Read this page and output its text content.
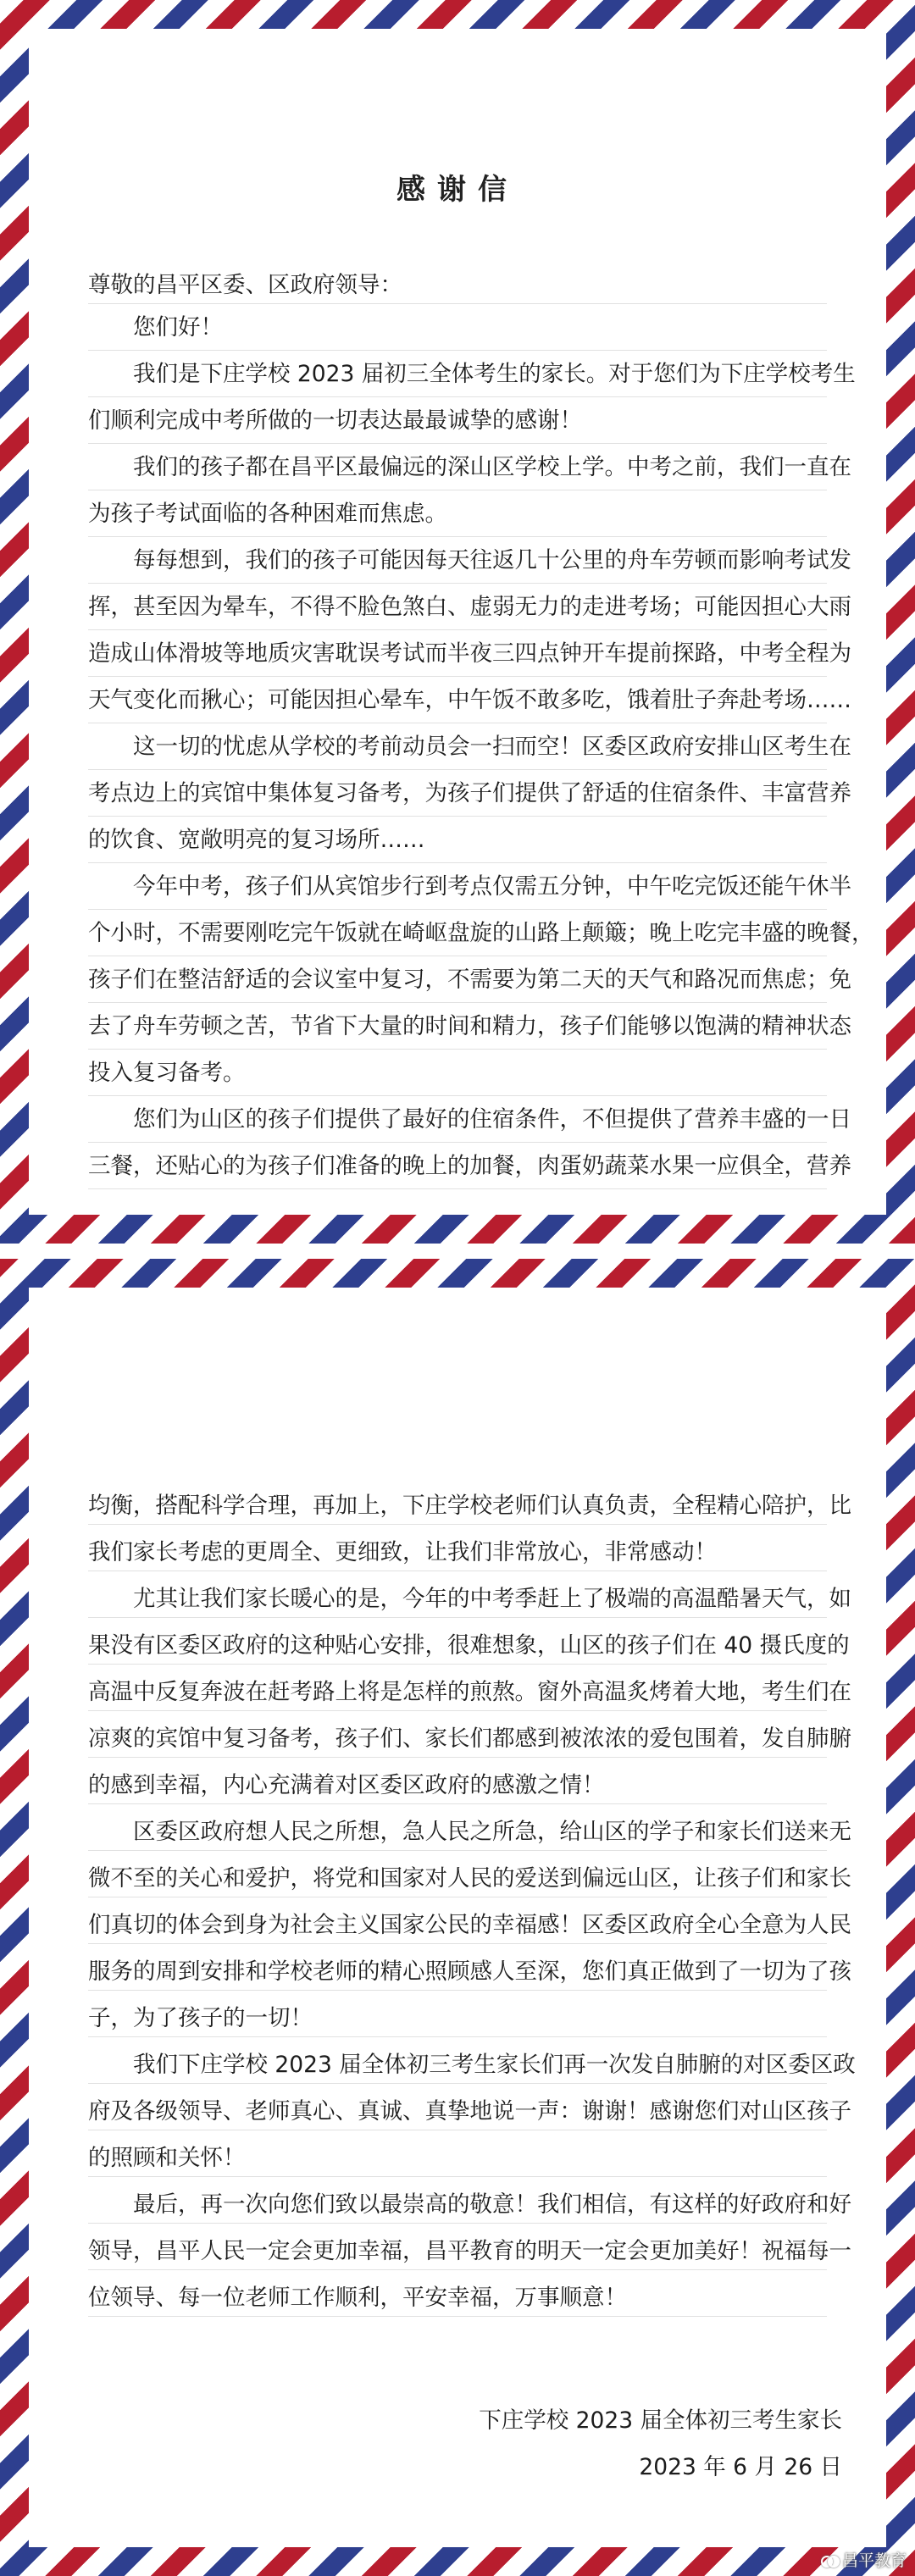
感谢信
尊敬的昌平区委、区政府领导：
您们好！
我们是下庄学校 2023 届初三全体考生的家长。对于您们为下庄学校考生
们顺利完成中考所做的一切表达最最诚挚的感谢！
我们的孩子都在昌平区最偏远的深山区学校上学。中考之前，我们一直在
为孩子考试面临的各种困难而焦虑。
每每想到，我们的孩子可能因每天往返几十公里的舟车劳顿而影响考试发
挥，甚至因为晕车，不得不脸色煞白、虚弱无力的走进考场；可能因担心大雨
造成山体滑坡等地质灾害耽误考试而半夜三四点钟开车提前探路，中考全程为
天气变化而揪心；可能因担心晕车，中午饭不敢多吃，饿着肚子奔赴考场……
这一切的忧虑从学校的考前动员会一扫而空！区委区政府安排山区考生在
考点边上的宾馆中集体复习备考，为孩子们提供了舒适的住宿条件、丰富营养
的饮食、宽敞明亮的复习场所……
今年中考，孩子们从宾馆步行到考点仅需五分钟，中午吃完饭还能午休半
个小时，不需要刚吃完午饭就在崎岖盘旋的山路上颠簸；晚上吃完丰盛的晚餐，
孩子们在整洁舒适的会议室中复习，不需要为第二天的天气和路况而焦虑；免
去了舟车劳顿之苦，节省下大量的时间和精力，孩子们能够以饱满的精神状态
投入复习备考。
您们为山区的孩子们提供了最好的住宿条件，不但提供了营养丰盛的一日
三餐，还贴心的为孩子们准备的晚上的加餐，肉蛋奶蔬菜水果一应俱全，营养
均衡，搭配科学合理，再加上，下庄学校老师们认真负责，全程精心陪护，比
我们家长考虑的更周全、更细致，让我们非常放心，非常感动！
尤其让我们家长暖心的是，今年的中考季赶上了极端的高温酷暑天气，如
果没有区委区政府的这种贴心安排，很难想象，山区的孩子们在 40 摄氏度的
高温中反复奔波在赶考路上将是怎样的煎熬。窗外高温炙烤着大地，考生们在
凉爽的宾馆中复习备考，孩子们、家长们都感到被浓浓的爱包围着，发自肺腑
的感到幸福，内心充满着对区委区政府的感激之情！
区委区政府想人民之所想，急人民之所急，给山区的学子和家长们送来无
微不至的关心和爱护，将党和国家对人民的爱送到偏远山区，让孩子们和家长
们真切的体会到身为社会主义国家公民的幸福感！区委区政府全心全意为人民
服务的周到安排和学校老师的精心照顾感人至深，您们真正做到了一切为了孩
子，为了孩子的一切！
我们下庄学校 2023 届全体初三考生家长们再一次发自肺腑的对区委区政
府及各级领导、老师真心、真诚、真挚地说一声：谢谢！感谢您们对山区孩子
的照顾和关怀！
最后，再一次向您们致以最崇高的敬意！我们相信，有这样的好政府和好
领导，昌平人民一定会更加幸福，昌平教育的明天一定会更加美好！祝福每一
位领导、每一位老师工作顺利，平安幸福，万事顺意！
下庄学校 2023 届全体初三考生家长
2023 年 6 月 26 日
昌平教育
